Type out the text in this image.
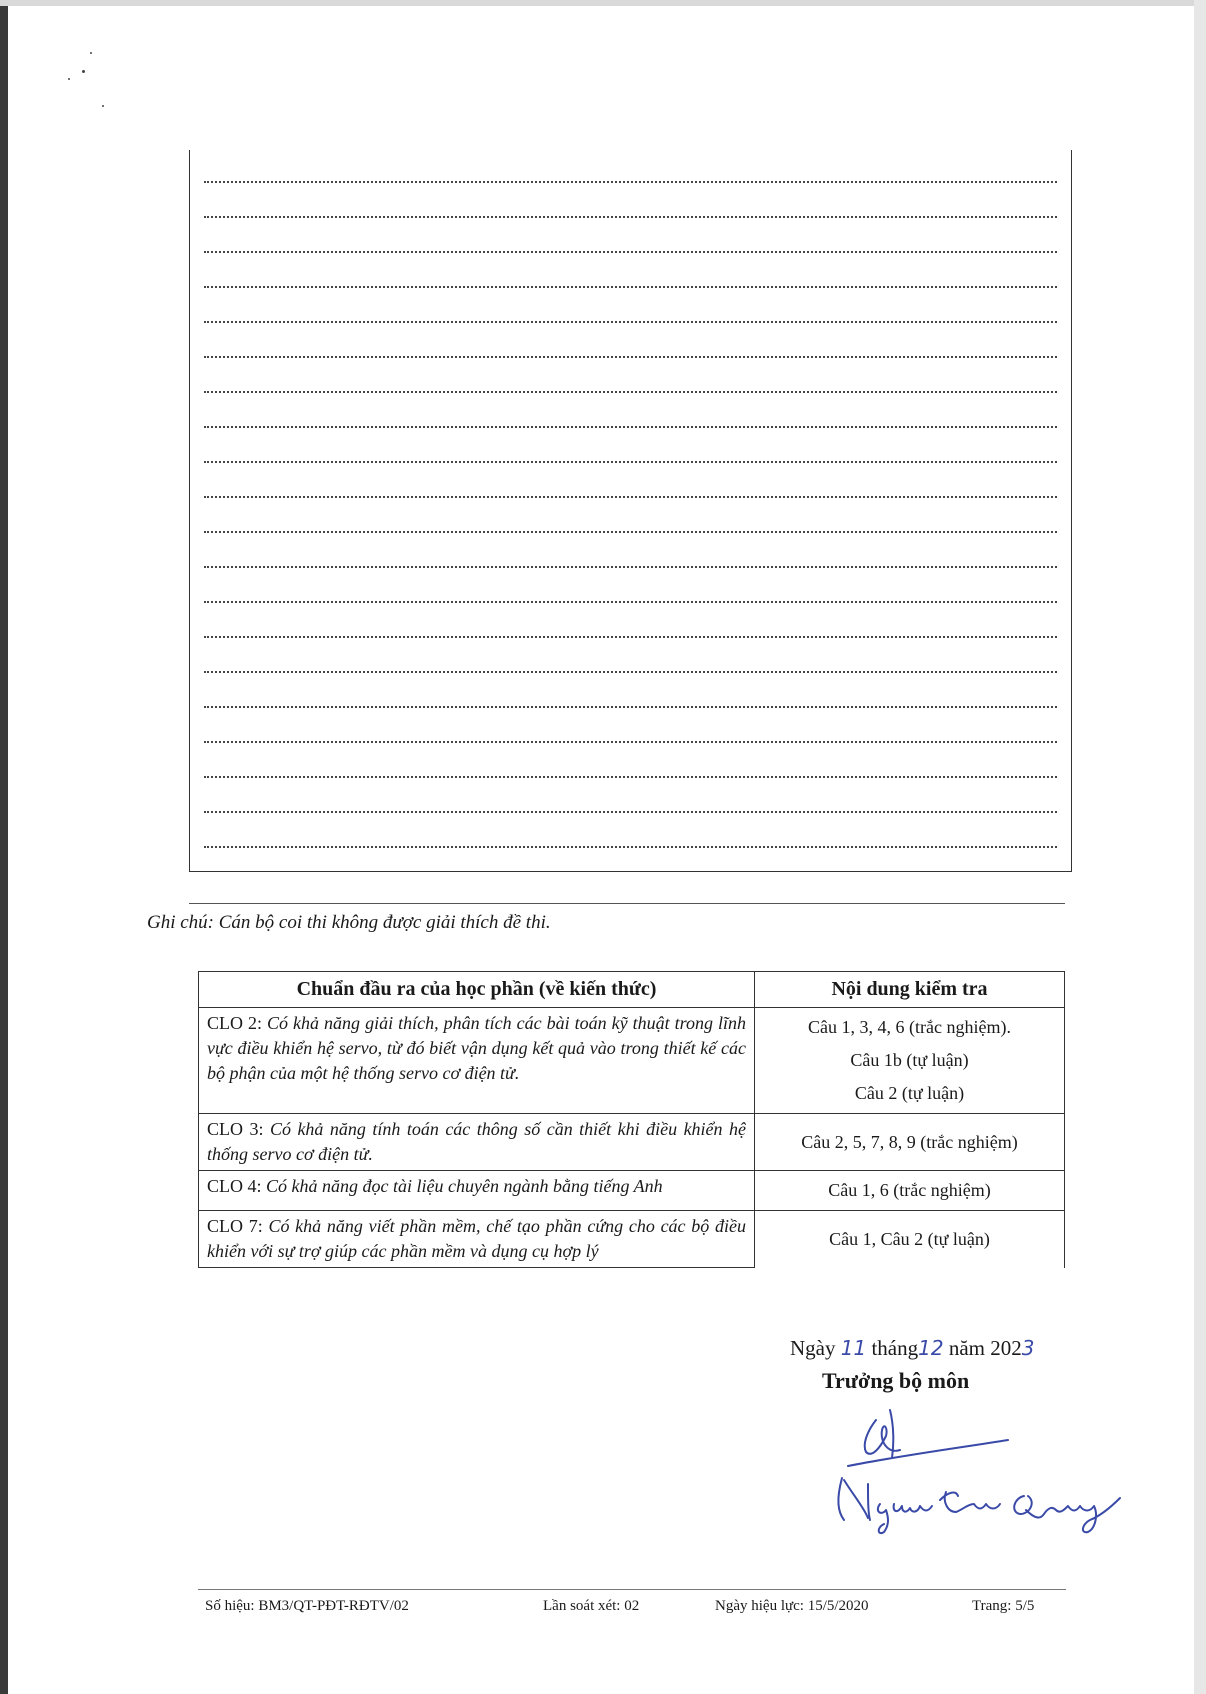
Ghi chú: Cán bộ coi thi không được giải thích đề thi.
Chuẩn đầu ra của học phần (về kiến thức)	Nội dung kiểm tra
CLO 2: Có khả năng giải thích, phân tích các bài toán kỹ thuật trong lĩnh vực điều khiển hệ servo, từ đó biết vận dụng kết quả vào trong thiết kế các bộ phận của một hệ thống servo cơ điện tử.	Câu 1, 3, 4, 6 (trắc nghiệm).
Câu 1b (tự luận)
Câu 2 (tự luận)

CLO 3: Có khả năng tính toán các thông số cần thiết khi điều khiển hệ thống servo cơ điện tử.	Câu 2, 5, 7, 8, 9 (trắc nghiệm)

CLO 4: Có khả năng đọc tài liệu chuyên ngành bằng tiếng Anh	Câu 1, 6 (trắc nghiệm)

CLO 7: Có khả năng viết phần mềm, chế tạo phần cứng cho các bộ điều khiển với sự trợ giúp các phần mềm và dụng cụ hợp lý	Câu 1, Câu 2 (tự luận)
Ngày 11 tháng12 năm 2023
Trưởng bộ môn
Số hiệu: BM3/QT-PĐT-RĐTV/02	Lần soát xét: 02	Ngày hiệu lực: 15/5/2020	Trang: 5/5
